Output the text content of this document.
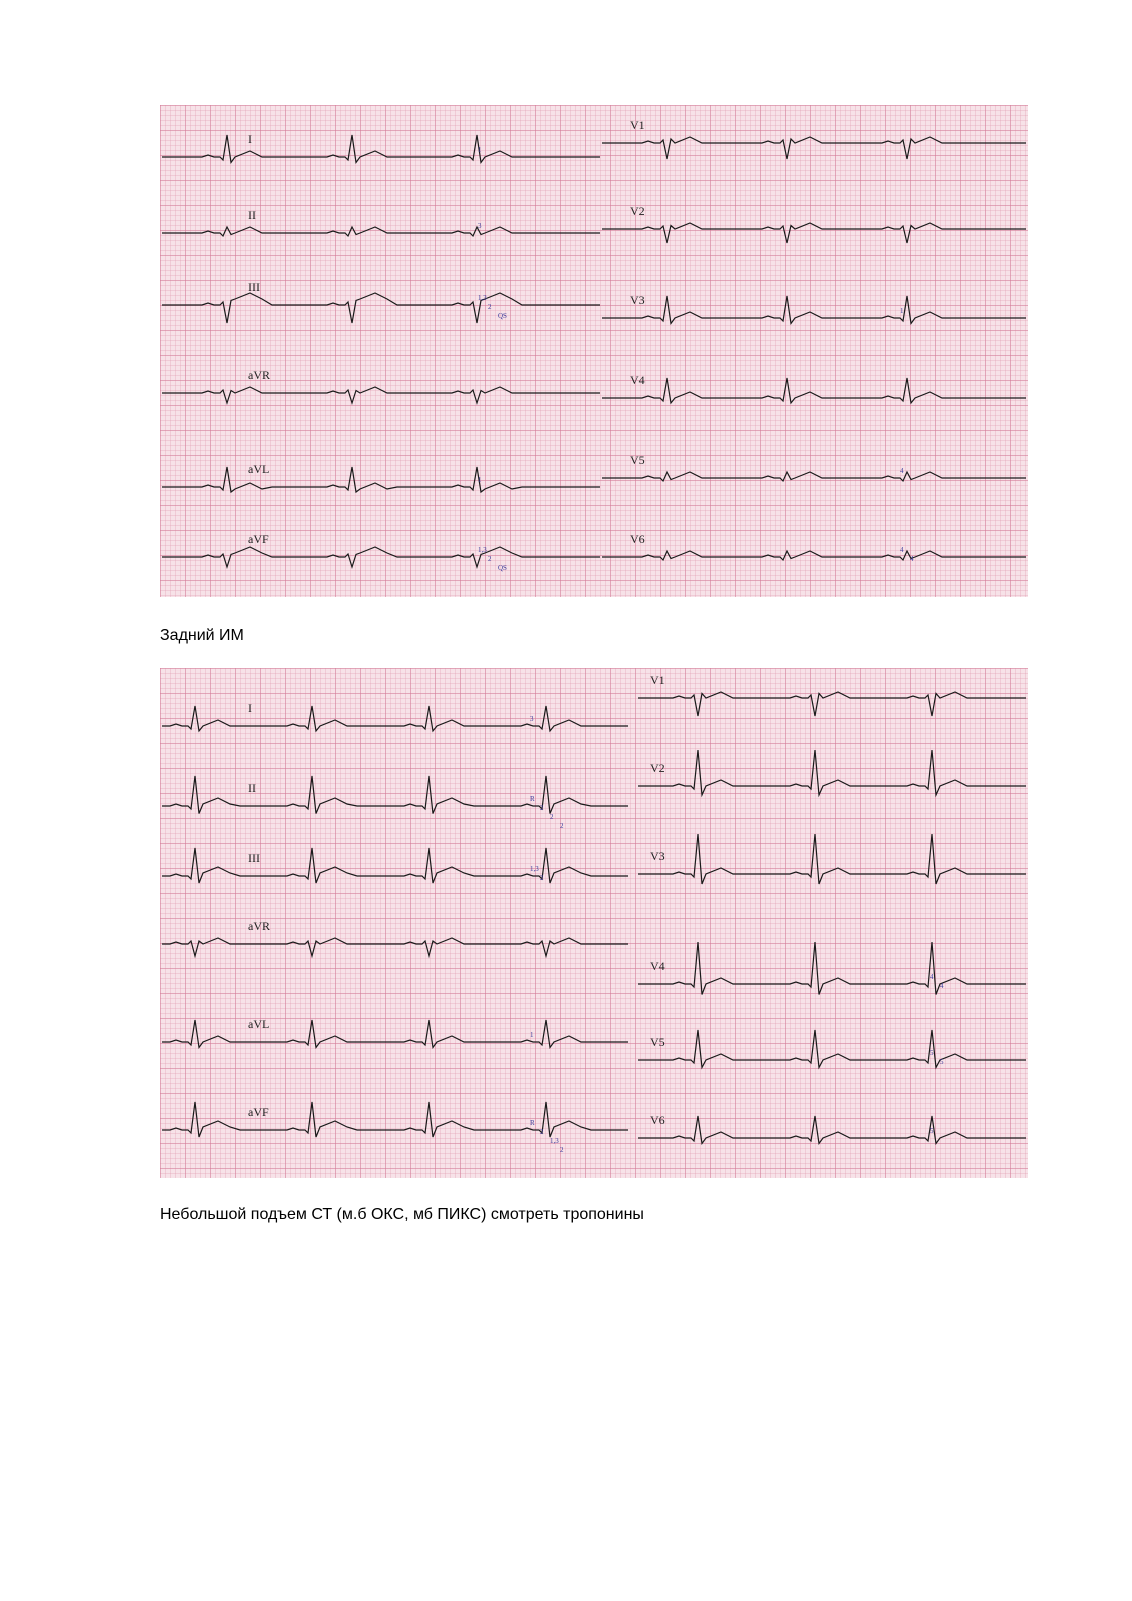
I
1
II
3
III
1,3
2
QS
aVR
aVL
1
aVF
1,3
2
QS
V1
V2
V3
1
V4
V5
4
V6
4
4
Задний ИМ
I
3
II
R
2
2
2
III
1,3
2
aVR
aVL
1
aVF
R
2
1,3
2
V1
V2
V3
V4
4
4
V5
5
5
V6
5
Небольшой подъем СТ (м.б ОКС, мб ПИКС) смотреть тропонины
